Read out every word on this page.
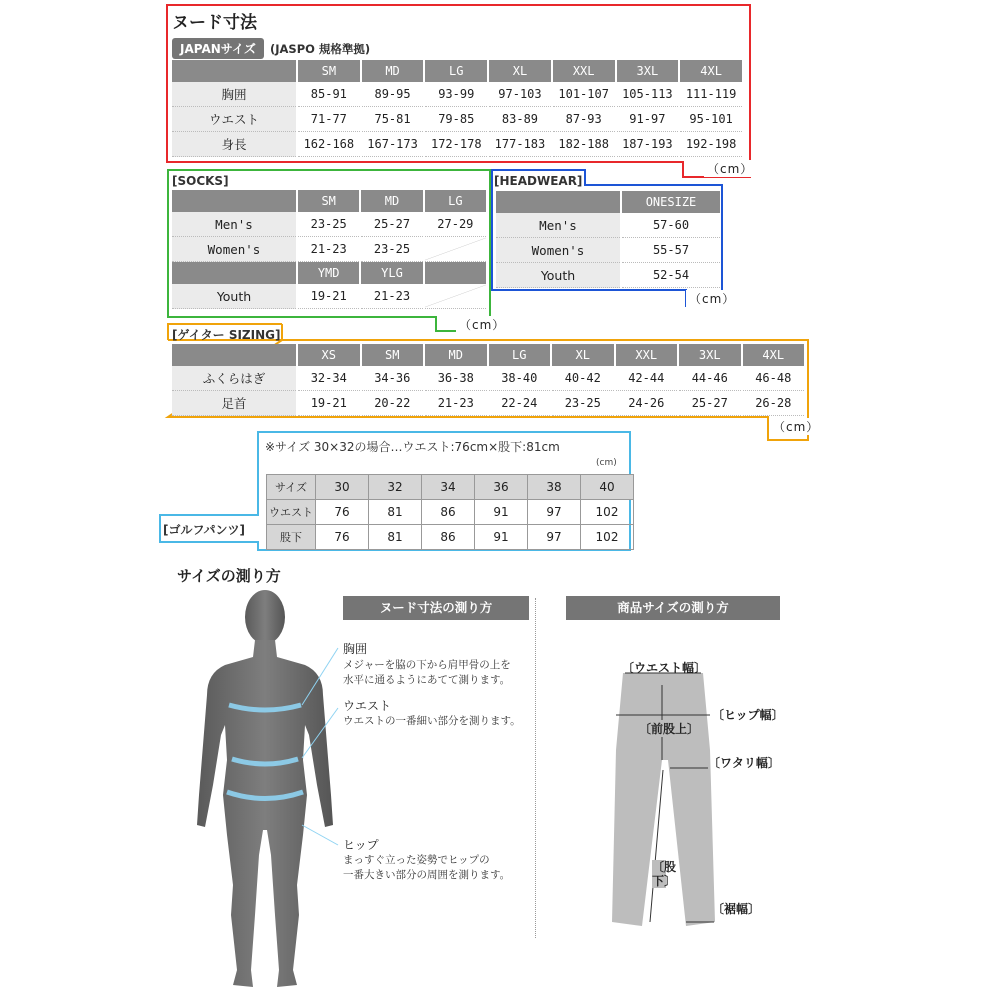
ヌード寸法
JAPANサイズ	(JASPO 規格準拠)
	SM	MD	LG	XL	XXL	3XL	4XL
胸囲	85-91	89-95	93-99	97-103	101-107	105-113	111-119
ウエスト	71-77	75-81	79-85	83-89	87-93	91-97	95-101
身長	162-168	167-173	172-178	177-183	182-188	187-193	192-198
（cm）
[SOCKS]
	SM	MD	LG
Men's	23-25	25-27	27-29
Women's	21-23	23-25	
	YMD	YLG	
Youth	19-21	21-23	
（cm）
[HEADWEAR]
	ONESIZE
Men's	57-60
Women's	55-57
Youth	52-54
（cm）
[ゲイター SIZING]
	XS	SM	MD	LG	XL	XXL	3XL	4XL
ふくらはぎ	32-34	34-36	36-38	38-40	40-42	42-44	44-46	46-48
足首	19-21	20-22	21-23	22-24	23-25	24-26	25-27	26-28
（cm）
※サイズ 30×32の場合…ウエスト:76cm×股下:81cm
(cm)
サイズ	30	32	34	36	38	40
ウエスト	76	81	86	91	97	102
股下	76	81	86	91	97	102
[ゴルフパンツ]
サイズの測り方
ヌード寸法の測り方	商品サイズの測り方
胸囲
メジャーを脇の下から肩甲骨の上を
水平に通るようにあてて測ります。
ウエスト
ウエストの一番細い部分を測ります。
ヒップ
まっすぐ立った姿勢でヒップの
一番大きい部分の周囲を測ります。
〔ウエスト幅〕
〔ヒップ幅〕
〔前股上〕
〔ワタリ幅〕
〔股下〕
〔裾幅〕
